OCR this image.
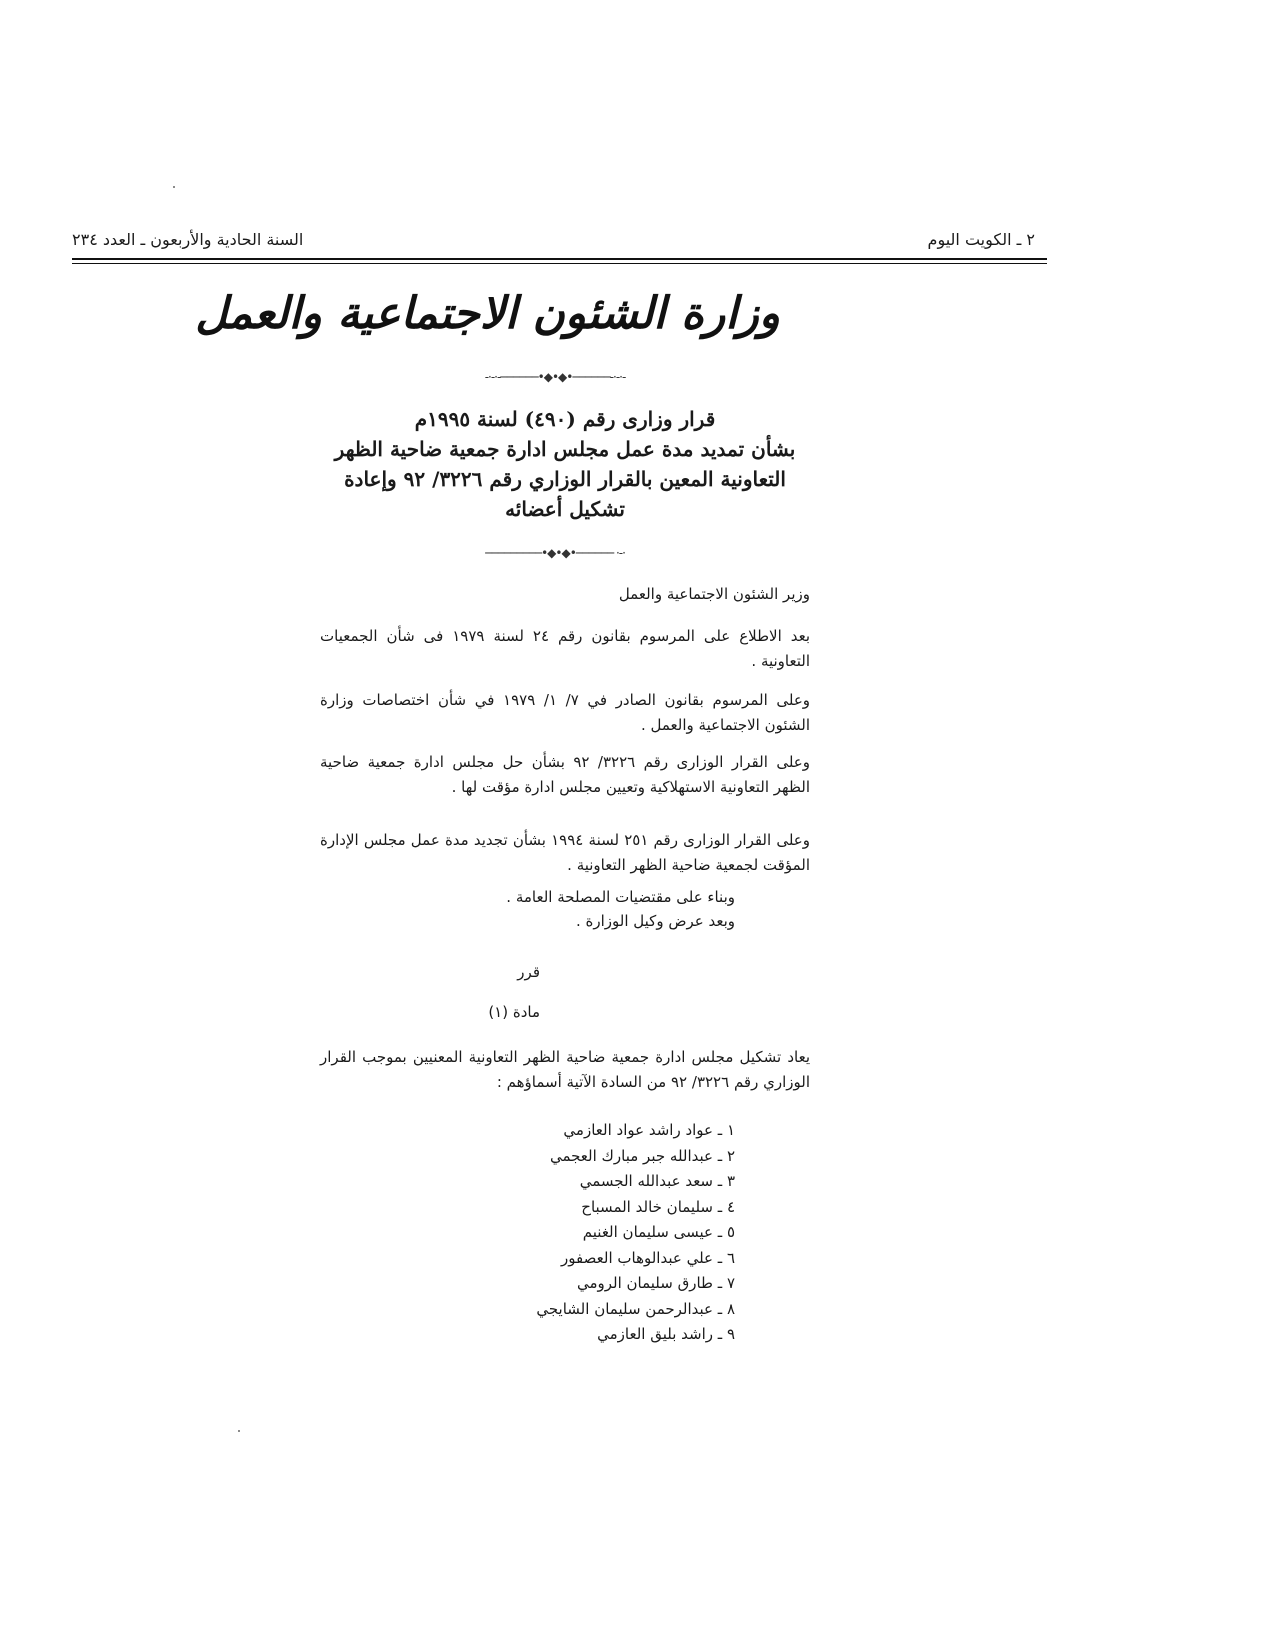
٢ ـ الكويت اليوم
السنة الحادية والأربعون ـ العدد ٢٣٤
وزارة الشئون الاجتماعية والعمل
-·-·-──────•◆•◆•──────-·-·-
قرار وزارى رقم (٤٩٠) لسنة ١٩٩٥م
بشأن تمديد مدة عمل مجلس ادارة جمعية ضاحية الظهر
التعاونية المعين بالقرار الوزاري رقم ٣٢٢٦/ ٩٢ وإعادة
تشكيل أعضائه
─────────•◆•◆•────── ·-·
وزير الشئون الاجتماعية والعمل
بعد الاطلاع على المرسوم بقانون رقم ٢٤ لسنة ١٩٧٩ فى شأن الجمعيات التعاونية .
وعلى المرسوم بقانون الصادر في ٧/ ١/ ١٩٧٩ في شأن اختصاصات وزارة الشئون الاجتماعية والعمل .
وعلى القرار الوزارى رقم ٣٢٢٦/ ٩٢ بشأن حل مجلس ادارة جمعية ضاحية الظهر التعاونية الاستهلاكية وتعيين مجلس ادارة مؤقت لها .
وعلى القرار الوزارى رقم ٢٥١ لسنة ١٩٩٤ بشأن تجديد مدة عمل مجلس الإدارة المؤقت لجمعية ضاحية الظهر التعاونية .
وبناء على مقتضيات المصلحة العامة .
وبعد عرض وكيل الوزارة .
قرر
مادة (١)
يعاد تشكيل مجلس ادارة جمعية ضاحية الظهر التعاونية المعنيين بموجب القرار الوزاري رقم ٣٢٢٦/ ٩٢ من السادة الآتية أسماؤهم :
١ ـ عواد راشد عواد العازمي
٢ ـ عبدالله جبر مبارك العجمي
٣ ـ سعد عبدالله الجسمي
٤ ـ سليمان خالد المسباح
٥ ـ عيسى سليمان الغنيم
٦ ـ علي عبدالوهاب العصفور
٧ ـ طارق سليمان الرومي
٨ ـ عبدالرحمن سليمان الشايجي
٩ ـ راشد بليق العازمي
